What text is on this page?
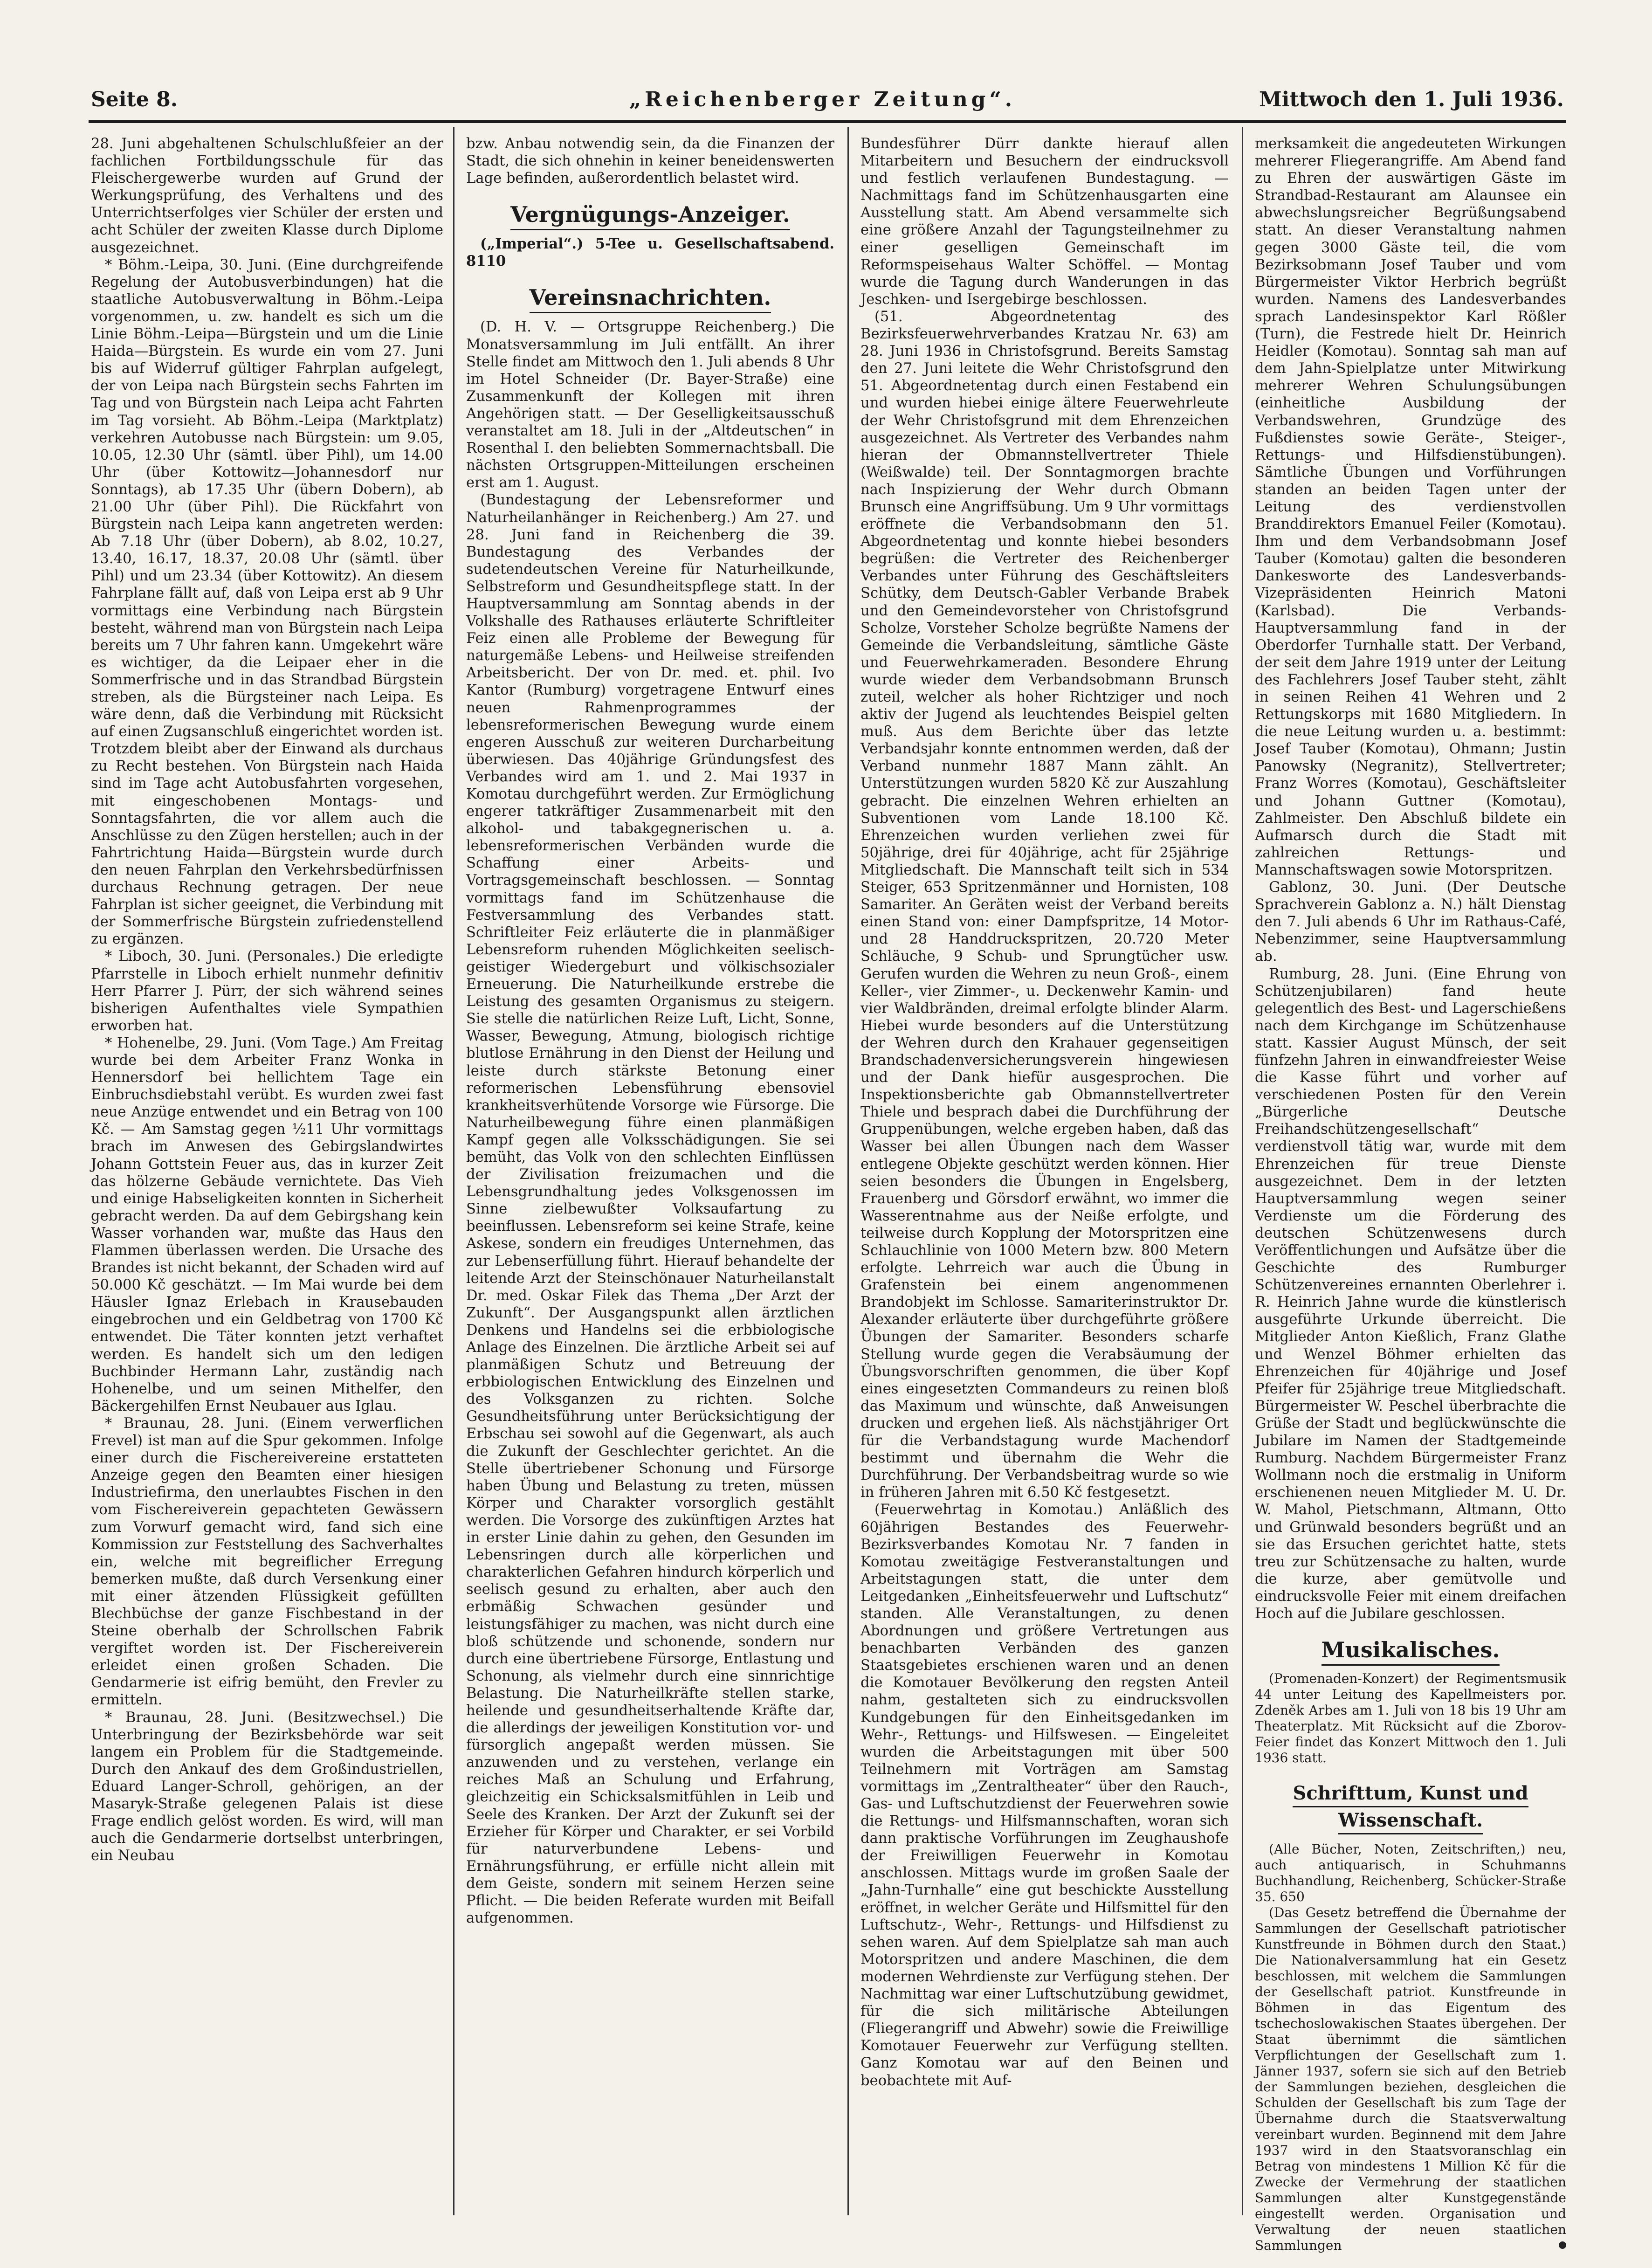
Seite 8.	„Reichenberger Zeitung“.	Mittwoch den 1. Juli 1936.

28. Juni abgehaltenen Schulschlußfeier an der fachlichen Fortbildungsschule für das Fleischergewerbe wurden auf Grund der Werkungsprüfung, des Verhaltens und des Unterrichtserfolges vier Schüler der ersten und acht Schüler der zweiten Klasse durch Diplome ausgezeichnet.

* Böhm.-Leipa, 30. Juni. (Eine durchgreifende Regelung der Autobusverbindungen) hat die staatliche Autobusverwaltung in Böhm.-Leipa vorgenommen, u. zw. handelt es sich um die Linie Böhm.-Leipa—Bürgstein und um die Linie Haida—Bürgstein. Es wurde ein vom 27. Juni bis auf Widerruf gültiger Fahrplan aufgelegt, der von Leipa nach Bürgstein sechs Fahrten im Tag und von Bürgstein nach Leipa acht Fahrten im Tag vorsieht. Ab Böhm.-Leipa (Marktplatz) verkehren Autobusse nach Bürgstein: um 9.05, 10.05, 12.30 Uhr (sämtl. über Pihl), um 14.00 Uhr (über Kottowitz—Johannesdorf nur Sonntags), ab 17.35 Uhr (übern Dobern), ab 21.00 Uhr (über Pihl). Die Rückfahrt von Bürgstein nach Leipa kann angetreten werden: Ab 7.18 Uhr (über Dobern), ab 8.02, 10.27, 13.40, 16.17, 18.37, 20.08 Uhr (sämtl. über Pihl) und um 23.34 (über Kottowitz). An diesem Fahrplane fällt auf, daß von Leipa erst ab 9 Uhr vormittags eine Verbindung nach Bürgstein besteht, während man von Bürgstein nach Leipa bereits um 7 Uhr fahren kann. Umgekehrt wäre es wichtiger, da die Leipaer eher in die Sommerfrische und in das Strandbad Bürgstein streben, als die Bürgsteiner nach Leipa. Es wäre denn, daß die Verbindung mit Rücksicht auf einen Zugsanschluß eingerichtet worden ist. Trotzdem bleibt aber der Einwand als durchaus zu Recht bestehen. Von Bürgstein nach Haida sind im Tage acht Autobusfahrten vorgesehen, mit eingeschobenen Montags- und Sonntagsfahrten, die vor allem auch die Anschlüsse zu den Zügen herstellen; auch in der Fahrtrichtung Haida—Bürgstein wurde durch den neuen Fahrplan den Verkehrsbedürfnissen durchaus Rechnung getragen. Der neue Fahrplan ist sicher geeignet, die Verbindung mit der Sommerfrische Bürgstein zufriedenstellend zu ergänzen.

* Liboch, 30. Juni. (Personales.) Die erledigte Pfarrstelle in Liboch erhielt nunmehr definitiv Herr Pfarrer J. Pürr, der sich während seines bisherigen Aufenthaltes viele Sympathien erworben hat.

* Hohenelbe, 29. Juni. (Vom Tage.) Am Freitag wurde bei dem Arbeiter Franz Wonka in Hennersdorf bei hellichtem Tage ein Einbruchsdiebstahl verübt. Es wurden zwei fast neue Anzüge entwendet und ein Betrag von 100 Kč. — Am Samstag gegen ½11 Uhr vormittags brach im Anwesen des Gebirgslandwirtes Johann Gottstein Feuer aus, das in kurzer Zeit das hölzerne Gebäude vernichtete. Das Vieh und einige Habseligkeiten konnten in Sicherheit gebracht werden. Da auf dem Gebirgshang kein Wasser vorhanden war, mußte das Haus den Flammen überlassen werden. Die Ursache des Brandes ist nicht bekannt, der Schaden wird auf 50.000 Kč geschätzt. — Im Mai wurde bei dem Häusler Ignaz Erlebach in Krausebauden eingebrochen und ein Geldbetrag von 1700 Kč entwendet. Die Täter konnten jetzt verhaftet werden. Es handelt sich um den ledigen Buchbinder Hermann Lahr, zuständig nach Hohenelbe, und um seinen Mithelfer, den Bäckergehilfen Ernst Neubauer aus Iglau.

* Braunau, 28. Juni. (Einem verwerflichen Frevel) ist man auf die Spur gekommen. Infolge einer durch die Fischereivereine erstatteten Anzeige gegen den Beamten einer hiesigen Industriefirma, den unerlaubtes Fischen in den vom Fischereiverein gepachteten Gewässern zum Vorwurf gemacht wird, fand sich eine Kommission zur Feststellung des Sachverhaltes ein, welche mit begreiflicher Erregung bemerken mußte, daß durch Versenkung einer mit einer ätzenden Flüssigkeit gefüllten Blechbüchse der ganze Fischbestand in der Steine oberhalb der Schrollschen Fabrik vergiftet worden ist. Der Fischereiverein erleidet einen großen Schaden. Die Gendarmerie ist eifrig bemüht, den Frevler zu ermitteln.

* Braunau, 28. Juni. (Besitzwechsel.) Die Unterbringung der Bezirksbehörde war seit langem ein Problem für die Stadtgemeinde. Durch den Ankauf des dem Großindustriellen, Eduard Langer-Schroll, gehörigen, an der Masaryk-Straße gelegenen Palais ist diese Frage endlich gelöst worden. Es wird, will man auch die Gendarmerie dortselbst unterbringen, ein Neubau

bzw. Anbau notwendig sein, da die Finanzen der Stadt, die sich ohnehin in keiner beneidenswerten Lage befinden, außerordentlich belastet wird.

Vergnügungs-Anzeiger.

(„Imperial“.) 5-Tee u. Gesellschaftsabend. 8110

Vereinsnachrichten.

(D. H. V. — Ortsgruppe Reichenberg.) Die Monatsversammlung im Juli entfällt. An ihrer Stelle findet am Mittwoch den 1. Juli abends 8 Uhr im Hotel Schneider (Dr. Bayer-Straße) eine Zusammenkunft der Kollegen mit ihren Angehörigen statt. — Der Geselligkeitsausschuß veranstaltet am 18. Juli in der „Altdeutschen“ in Rosenthal I. den beliebten Sommernachtsball. Die nächsten Ortsgruppen-Mitteilungen erscheinen erst am 1. August.

(Bundestagung der Lebensreformer und Naturheilanhänger in Reichenberg.) Am 27. und 28. Juni fand in Reichenberg die 39. Bundestagung des Verbandes der sudetendeutschen Vereine für Naturheilkunde, Selbstreform und Gesundheitspflege statt. In der Hauptversammlung am Sonntag abends in der Volkshalle des Rathauses erläuterte Schriftleiter Feiz einen alle Probleme der Bewegung für naturgemäße Lebens- und Heilweise streifenden Arbeitsbericht. Der von Dr. med. et. phil. Ivo Kantor (Rumburg) vorgetragene Entwurf eines neuen Rahmenprogrammes der lebensreformerischen Bewegung wurde einem engeren Ausschuß zur weiteren Durcharbeitung überwiesen. Das 40jährige Gründungsfest des Verbandes wird am 1. und 2. Mai 1937 in Komotau durchgeführt werden. Zur Ermöglichung engerer tatkräftiger Zusammenarbeit mit den alkohol- und tabakgegnerischen u. a. lebensreformerischen Verbänden wurde die Schaffung einer Arbeits- und Vortragsgemeinschaft beschlossen. — Sonntag vormittags fand im Schützenhause die Festversammlung des Verbandes statt. Schriftleiter Feiz erläuterte die in planmäßiger Lebensreform ruhenden Möglichkeiten seelisch-geistiger Wiedergeburt und völkischsozialer Erneuerung. Die Naturheilkunde erstrebe die Leistung des gesamten Organismus zu steigern. Sie stelle die natürlichen Reize Luft, Licht, Sonne, Wasser, Bewegung, Atmung, biologisch richtige blutlose Ernährung in den Dienst der Heilung und leiste durch stärkste Betonung einer reformerischen Lebensführung ebensoviel krankheitsverhütende Vorsorge wie Fürsorge. Die Naturheilbewegung führe einen planmäßigen Kampf gegen alle Volksschädigungen. Sie sei bemüht, das Volk von den schlechten Einflüssen der Zivilisation freizumachen und die Lebensgrundhaltung jedes Volksgenossen im Sinne zielbewußter Volksaufartung zu beeinflussen. Lebensreform sei keine Strafe, keine Askese, sondern ein freudiges Unternehmen, das zur Lebenserfüllung führt. Hierauf behandelte der leitende Arzt der Steinschönauer Naturheilanstalt Dr. med. Oskar Filek das Thema „Der Arzt der Zukunft“. Der Ausgangspunkt allen ärztlichen Denkens und Handelns sei die erbbiologische Anlage des Einzelnen. Die ärztliche Arbeit sei auf planmäßigen Schutz und Betreuung der erbbiologischen Entwicklung des Einzelnen und des Volksganzen zu richten. Solche Gesundheitsführung unter Berücksichtigung der Erbschau sei sowohl auf die Gegenwart, als auch die Zukunft der Geschlechter gerichtet. An die Stelle übertriebener Schonung und Fürsorge haben Übung und Belastung zu treten, müssen Körper und Charakter vorsorglich gestählt werden. Die Vorsorge des zukünftigen Arztes hat in erster Linie dahin zu gehen, den Gesunden im Lebensringen durch alle körperlichen und charakterlichen Gefahren hindurch körperlich und seelisch gesund zu erhalten, aber auch den erbmäßig Schwachen gesünder und leistungsfähiger zu machen, was nicht durch eine bloß schützende und schonende, sondern nur durch eine übertriebene Fürsorge, Entlastung und Schonung, als vielmehr durch eine sinnrichtige Belastung. Die Naturheilkräfte stellen starke, heilende und gesundheitserhaltende Kräfte dar, die allerdings der jeweiligen Konstitution vor- und fürsorglich angepaßt werden müssen. Sie anzuwenden und zu verstehen, verlange ein reiches Maß an Schulung und Erfahrung, gleichzeitig ein Schicksalsmitfühlen in Leib und Seele des Kranken. Der Arzt der Zukunft sei der Erzieher für Körper und Charakter, er sei Vorbild für naturverbundene Lebens- und Ernährungsführung, er erfülle nicht allein mit dem Geiste, sondern mit seinem Herzen seine Pflicht. — Die beiden Referate wurden mit Beifall aufgenommen.

Bundesführer Dürr dankte hierauf allen Mitarbeitern und Besuchern der eindrucksvoll und festlich verlaufenen Bundestagung. — Nachmittags fand im Schützenhausgarten eine Ausstellung statt. Am Abend versammelte sich eine größere Anzahl der Tagungsteilnehmer zu einer geselligen Gemeinschaft im Reformspeisehaus Walter Schöffel. — Montag wurde die Tagung durch Wanderungen in das Jeschken- und Isergebirge beschlossen.

(51. Abgeordnetentag des Bezirksfeuerwehrverbandes Kratzau Nr. 63) am 28. Juni 1936 in Christofsgrund. Bereits Samstag den 27. Juni leitete die Wehr Christofsgrund den 51. Abgeordnetentag durch einen Festabend ein und wurden hiebei einige ältere Feuerwehrleute der Wehr Christofsgrund mit dem Ehrenzeichen ausgezeichnet. Als Vertreter des Verbandes nahm hieran der Obmannstellvertreter Thiele (Weißwalde) teil. Der Sonntagmorgen brachte nach Inspizierung der Wehr durch Obmann Brunsch eine Angriffsübung. Um 9 Uhr vormittags eröffnete die Verbandsobmann den 51. Abgeordnetentag und konnte hiebei besonders begrüßen: die Vertreter des Reichenberger Verbandes unter Führung des Geschäftsleiters Schütky, dem Deutsch-Gabler Verbande Brabek und den Gemeindevorsteher von Christofsgrund Scholze, Vorsteher Scholze begrüßte Namens der Gemeinde die Verbandsleitung, sämtliche Gäste und Feuerwehrkameraden. Besondere Ehrung wurde wieder dem Verbandsobmann Brunsch zuteil, welcher als hoher Richtziger und noch aktiv der Jugend als leuchtendes Beispiel gelten muß. Aus dem Berichte über das letzte Verbandsjahr konnte entnommen werden, daß der Verband nunmehr 1887 Mann zählt. An Unterstützungen wurden 5820 Kč zur Auszahlung gebracht. Die einzelnen Wehren erhielten an Subventionen vom Lande 18.100 Kč. Ehrenzeichen wurden verliehen zwei für 50jährige, drei für 40jährige, acht für 25jährige Mitgliedschaft. Die Mannschaft teilt sich in 534 Steiger, 653 Spritzenmänner und Hornisten, 108 Samariter. An Geräten weist der Verband bereits einen Stand von: einer Dampfspritze, 14 Motor- und 28 Handdruckspritzen, 20.720 Meter Schläuche, 9 Schub- und Sprungtücher usw. Gerufen wurden die Wehren zu neun Groß-, einem Keller-, vier Zimmer-, u. Deckenwehr Kamin- und vier Waldbränden, dreimal erfolgte blinder Alarm. Hiebei wurde besonders auf die Unterstützung der Wehren durch den Krahauer gegenseitigen Brandschadenversicherungsverein hingewiesen und der Dank hiefür ausgesprochen. Die Inspektionsberichte gab Obmannstellvertreter Thiele und besprach dabei die Durchführung der Gruppenübungen, welche ergeben haben, daß das Wasser bei allen Übungen nach dem Wasser entlegene Objekte geschützt werden können. Hier seien besonders die Übungen in Engelsberg, Frauenberg und Görsdorf erwähnt, wo immer die Wasserentnahme aus der Neiße erfolgte, und teilweise durch Kopplung der Motorspritzen eine Schlauchlinie von 1000 Metern bzw. 800 Metern erfolgte. Lehrreich war auch die Übung in Grafenstein bei einem angenommenen Brandobjekt im Schlosse. Samariterinstruktor Dr. Alexander erläuterte über durchgeführte größere Übungen der Samariter. Besonders scharfe Stellung wurde gegen die Verabsäumung der Übungsvorschriften genommen, die über Kopf eines eingesetzten Commandeurs zu reinen bloß das Maximum und wünschte, daß Anweisungen drucken und ergehen ließ. Als nächstjähriger Ort für die Verbandstagung wurde Machendorf bestimmt und übernahm die Wehr die Durchführung. Der Verbandsbeitrag wurde so wie in früheren Jahren mit 6.50 Kč festgesetzt.

(Feuerwehrtag in Komotau.) Anläßlich des 60jährigen Bestandes des Feuerwehr-Bezirksverbandes Komotau Nr. 7 fanden in Komotau zweitägige Festveranstaltungen und Arbeitstagungen statt, die unter dem Leitgedanken „Einheitsfeuerwehr und Luftschutz“ standen. Alle Veranstaltungen, zu denen Abordnungen und größere Vertretungen aus benachbarten Verbänden des ganzen Staatsgebietes erschienen waren und an denen die Komotauer Bevölkerung den regsten Anteil nahm, gestalteten sich zu eindrucksvollen Kundgebungen für den Einheitsgedanken im Wehr-, Rettungs- und Hilfswesen. — Eingeleitet wurden die Arbeitstagungen mit über 500 Teilnehmern mit Vorträgen am Samstag vormittags im „Zentraltheater“ über den Rauch-, Gas- und Luftschutzdienst der Feuerwehren sowie die Rettungs- und Hilfsmannschaften, woran sich dann praktische Vorführungen im Zeughaushofe der Freiwilligen Feuerwehr in Komotau anschlossen. Mittags wurde im großen Saale der „Jahn-Turnhalle“ eine gut beschickte Ausstellung eröffnet, in welcher Geräte und Hilfsmittel für den Luftschutz-, Wehr-, Rettungs- und Hilfsdienst zu sehen waren. Auf dem Spielplatze sah man auch Motorspritzen und andere Maschinen, die dem modernen Wehrdienste zur Verfügung stehen. Der Nachmittag war einer Luftschutzübung gewidmet, für die sich militärische Abteilungen (Fliegerangriff und Abwehr) sowie die Freiwillige Komotauer Feuerwehr zur Verfügung stellten. Ganz Komotau war auf den Beinen und beobachtete mit Auf-

merksamkeit die angedeuteten Wirkungen mehrerer Fliegerangriffe. Am Abend fand zu Ehren der auswärtigen Gäste im Strandbad-Restaurant am Alaunsee ein abwechslungsreicher Begrüßungsabend statt. An dieser Veranstaltung nahmen gegen 3000 Gäste teil, die vom Bezirksobmann Josef Tauber und vom Bürgermeister Viktor Herbrich begrüßt wurden. Namens des Landesverbandes sprach Landesinspektor Karl Rößler (Turn), die Festrede hielt Dr. Heinrich Heidler (Komotau). Sonntag sah man auf dem Jahn-Spielplatze unter Mitwirkung mehrerer Wehren Schulungsübungen (einheitliche Ausbildung der Verbandswehren, Grundzüge des Fußdienstes sowie Geräte-, Steiger-, Rettungs- und Hilfsdienstübungen). Sämtliche Übungen und Vorführungen standen an beiden Tagen unter der Leitung des verdienstvollen Branddirektors Emanuel Feiler (Komotau). Ihm und dem Verbandsobmann Josef Tauber (Komotau) galten die besonderen Dankesworte des Landesverbands-Vizepräsidenten Heinrich Matoni (Karlsbad). Die Verbands-Hauptversammlung fand in der Oberdorfer Turnhalle statt. Der Verband, der seit dem Jahre 1919 unter der Leitung des Fachlehrers Josef Tauber steht, zählt in seinen Reihen 41 Wehren und 2 Rettungskorps mit 1680 Mitgliedern. In die neue Leitung wurden u. a. bestimmt: Josef Tauber (Komotau), Ohmann; Justin Panowsky (Negranitz), Stellvertreter; Franz Worres (Komotau), Geschäftsleiter und Johann Guttner (Komotau), Zahlmeister. Den Abschluß bildete ein Aufmarsch durch die Stadt mit zahlreichen Rettungs- und Mannschaftswagen sowie Motorspritzen.

Gablonz, 30. Juni. (Der Deutsche Sprachverein Gablonz a. N.) hält Dienstag den 7. Juli abends 6 Uhr im Rathaus-Café, Nebenzimmer, seine Hauptversammlung ab.

Rumburg, 28. Juni. (Eine Ehrung von Schützenjubilaren) fand heute gelegentlich des Best- und Lagerschießens nach dem Kirchgange im Schützenhause statt. Kassier August Münsch, der seit fünfzehn Jahren in einwandfreiester Weise die Kasse führt und vorher auf verschiedenen Posten für den Verein „Bürgerliche Deutsche Freihandschützengesellschaft“ verdienstvoll tätig war, wurde mit dem Ehrenzeichen für treue Dienste ausgezeichnet. Dem in der letzten Hauptversammlung wegen seiner Verdienste um die Förderung des deutschen Schützenwesens durch Veröffentlichungen und Aufsätze über die Geschichte des Rumburger Schützenvereines ernannten Oberlehrer i. R. Heinrich Jahne wurde die künstlerisch ausgeführte Urkunde überreicht. Die Mitglieder Anton Kießlich, Franz Glathe und Wenzel Böhmer erhielten das Ehrenzeichen für 40jährige und Josef Pfeifer für 25jährige treue Mitgliedschaft. Bürgermeister W. Peschel überbrachte die Grüße der Stadt und beglückwünschte die Jubilare im Namen der Stadtgemeinde Rumburg. Nachdem Bürgermeister Franz Wollmann noch die erstmalig in Uniform erschienenen neuen Mitglieder M. U. Dr. W. Mahol, Pietschmann, Altmann, Otto und Grünwald besonders begrüßt und an sie das Ersuchen gerichtet hatte, stets treu zur Schützensache zu halten, wurde die kurze, aber gemütvolle und eindrucksvolle Feier mit einem dreifachen Hoch auf die Jubilare geschlossen.

Musikalisches.

(Promenaden-Konzert) der Regimentsmusik 44 unter Leitung des Kapellmeisters por. Zdeněk Arbes am 1. Juli von 18 bis 19 Uhr am Theaterplatz. Mit Rücksicht auf die Zborov-Feier findet das Konzert Mittwoch den 1. Juli 1936 statt.

Schrifttum, Kunst und Wissenschaft.

(Alle Bücher, Noten, Zeitschriften,) neu, auch antiquarisch, in Schuhmanns Buchhandlung, Reichenberg, Schücker-Straße 35. 650

(Das Gesetz betreffend die Übernahme der Sammlungen der Gesellschaft patriotischer Kunstfreunde in Böhmen durch den Staat.) Die Nationalversammlung hat ein Gesetz beschlossen, mit welchem die Sammlungen der Gesellschaft patriot. Kunstfreunde in Böhmen in das Eigentum des tschechoslowakischen Staates übergehen. Der Staat übernimmt die sämtlichen Verpflichtungen der Gesellschaft zum 1. Jänner 1937, sofern sie sich auf den Betrieb der Sammlungen beziehen, desgleichen die Schulden der Gesellschaft bis zum Tage der Übernahme durch die Staatsverwaltung vereinbart wurden. Beginnend mit dem Jahre 1937 wird in den Staatsvoranschlag ein Betrag von mindestens 1 Million Kč für die Zwecke der Vermehrung der staatlichen Sammlungen alter Kunstgegenstände eingestellt werden. Organisation und Verwaltung der neuen staatlichen Sammlungen
